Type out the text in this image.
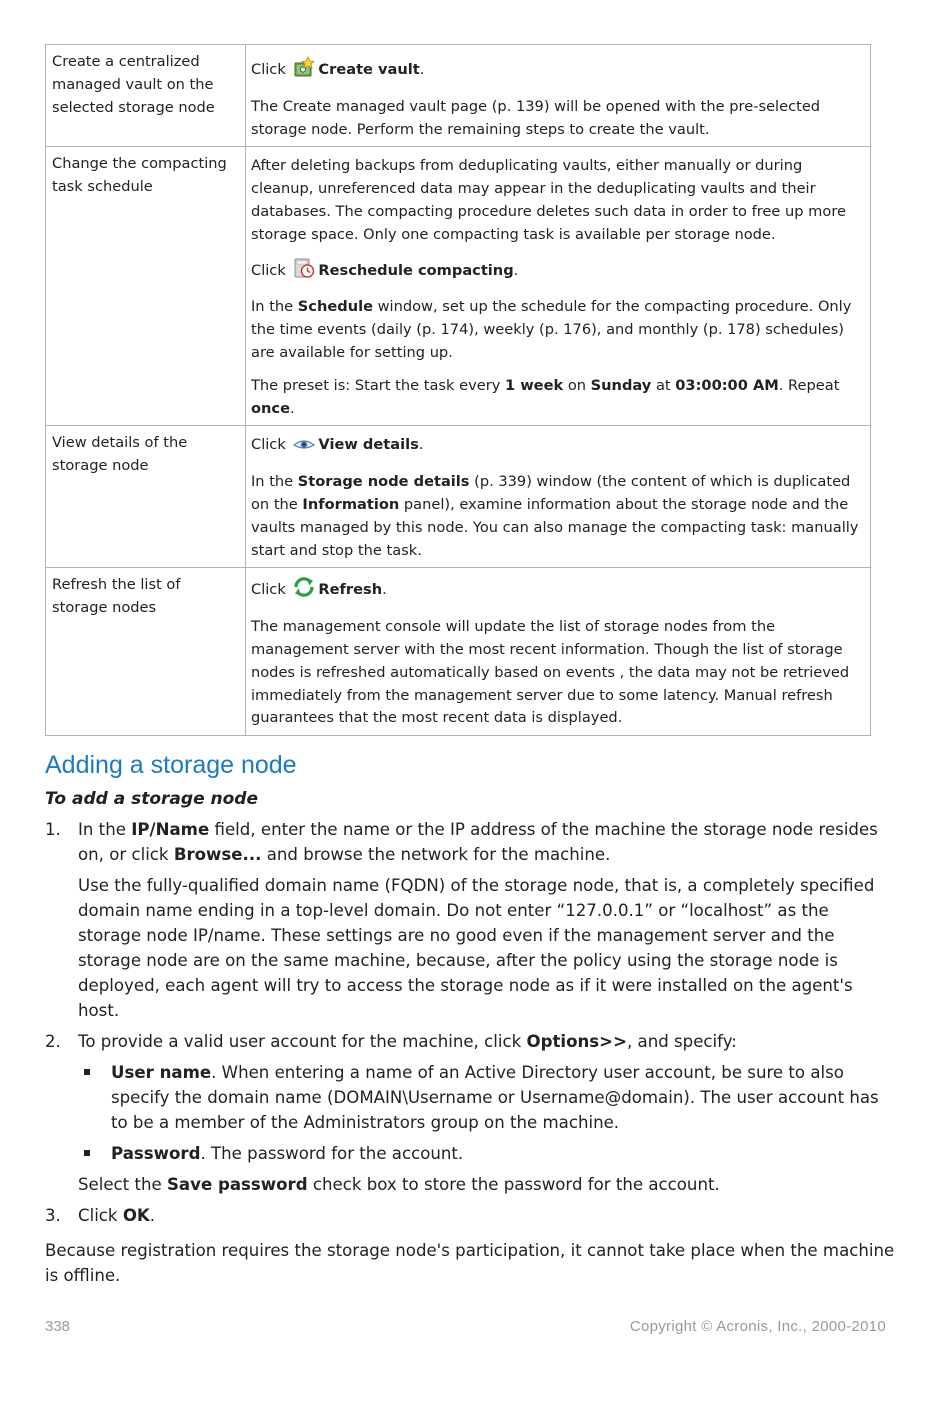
Create a centralized managed vault on the selected storage node	Click Create vault.

The Create managed vault page (p. 139) will be opened with the pre-selected storage node. Perform the remaining steps to create the vault.

Change the compacting task schedule	After deleting backups from deduplicating vaults, either manually or during cleanup, unreferenced data may appear in the deduplicating vaults and their databases. The compacting procedure deletes such data in order to free up more storage space. Only one compacting task is available per storage node.

Click Reschedule compacting.

In the Schedule window, set up the schedule for the compacting procedure. Only the time events (daily (p. 174), weekly (p. 176), and monthly (p. 178) schedules) are available for setting up.

The preset is: Start the task every 1 week on Sunday at 03:00:00 AM. Repeat once.

View details of the storage node	Click View details.

In the Storage node details (p. 339) window (the content of which is duplicated on the Information panel), examine information about the storage node and the vaults managed by this node. You can also manage the compacting task: manually start and stop the task.

Refresh the list of storage nodes	Click Refresh.

The management console will update the list of storage nodes from the management server with the most recent information. Though the list of storage nodes is refreshed automatically based on events , the data may not be retrieved immediately from the management server due to some latency. Manual refresh guarantees that the most recent data is displayed.

Adding a storage node

To add a storage node

1. In the IP/Name field, enter the name or the IP address of the machine the storage node resides on, or click Browse... and browse the network for the machine.

Use the fully-qualified domain name (FQDN) of the storage node, that is, a completely specified domain name ending in a top-level domain. Do not enter “127.0.0.1” or “localhost” as the storage node IP/name. These settings are no good even if the management server and the storage node are on the same machine, because, after the policy using the storage node is deployed, each agent will try to access the storage node as if it were installed on the agent's host.

2. To provide a valid user account for the machine, click Options>>, and specify:

User name. When entering a name of an Active Directory user account, be sure to also specify the domain name (DOMAIN\Username or Username@domain). The user account has to be a member of the Administrators group on the machine.
Password. The password for the account.

Select the Save password check box to store the password for the account.

3. Click OK.

Because registration requires the storage node's participation, it cannot take place when the machine is offline.

338	Copyright © Acronis, Inc., 2000-2010
